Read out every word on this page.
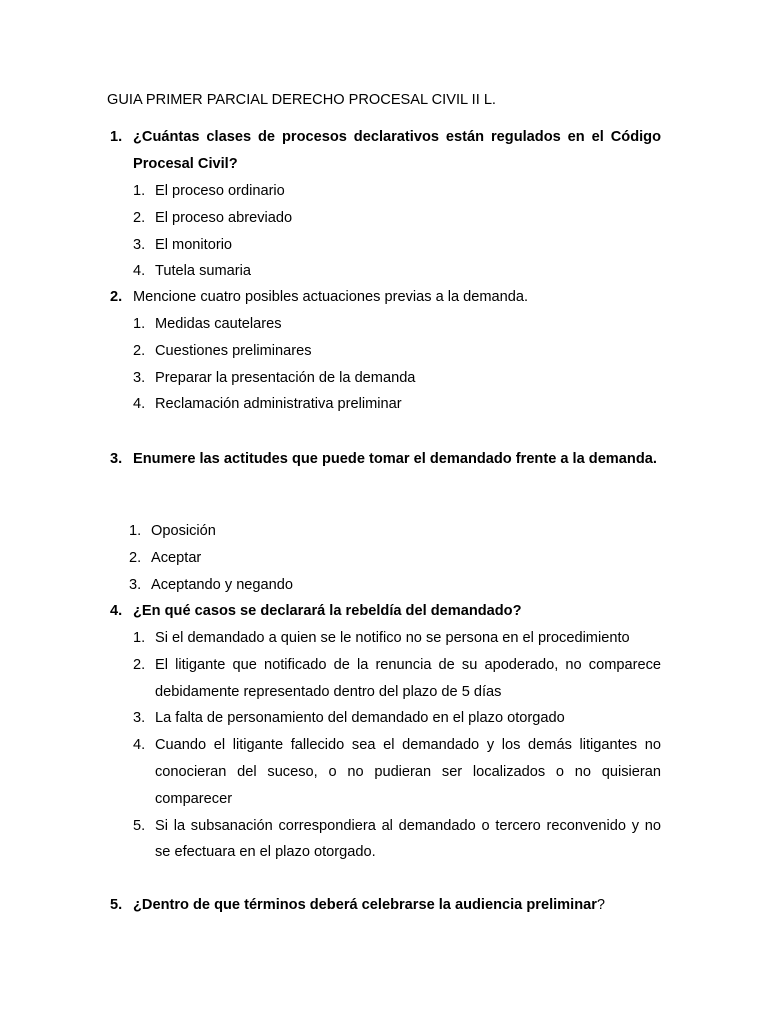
GUIA PRIMER PARCIAL DERECHO PROCESAL CIVIL II L.
1. ¿Cuántas clases de procesos declarativos están regulados en el Código Procesal Civil?
1. El proceso ordinario
2. El proceso abreviado
3. El monitorio
4. Tutela sumaria
2. Mencione cuatro posibles actuaciones previas a la demanda.
1. Medidas cautelares
2. Cuestiones preliminares
3. Preparar la presentación de la demanda
4. Reclamación administrativa preliminar
3. Enumere las actitudes que puede tomar el demandado frente a la demanda.
1. Oposición
2. Aceptar
3. Aceptando y negando
4. ¿En qué casos se declarará la rebeldía del demandado?
1. Si el demandado a quien se le notifico no se persona en el procedimiento
2. El litigante que notificado de la renuncia de su apoderado, no comparece debidamente representado dentro del plazo de 5 días
3. La falta de personamiento del demandado en el plazo otorgado
4. Cuando el litigante fallecido sea el demandado y los demás litigantes no conocieran del suceso, o no pudieran ser localizados o no quisieran comparecer
5. Si la subsanación correspondiera al demandado o tercero reconvenido y no se efectuara en el plazo otorgado.
5. ¿Dentro de que términos deberá celebrarse la audiencia preliminar?
